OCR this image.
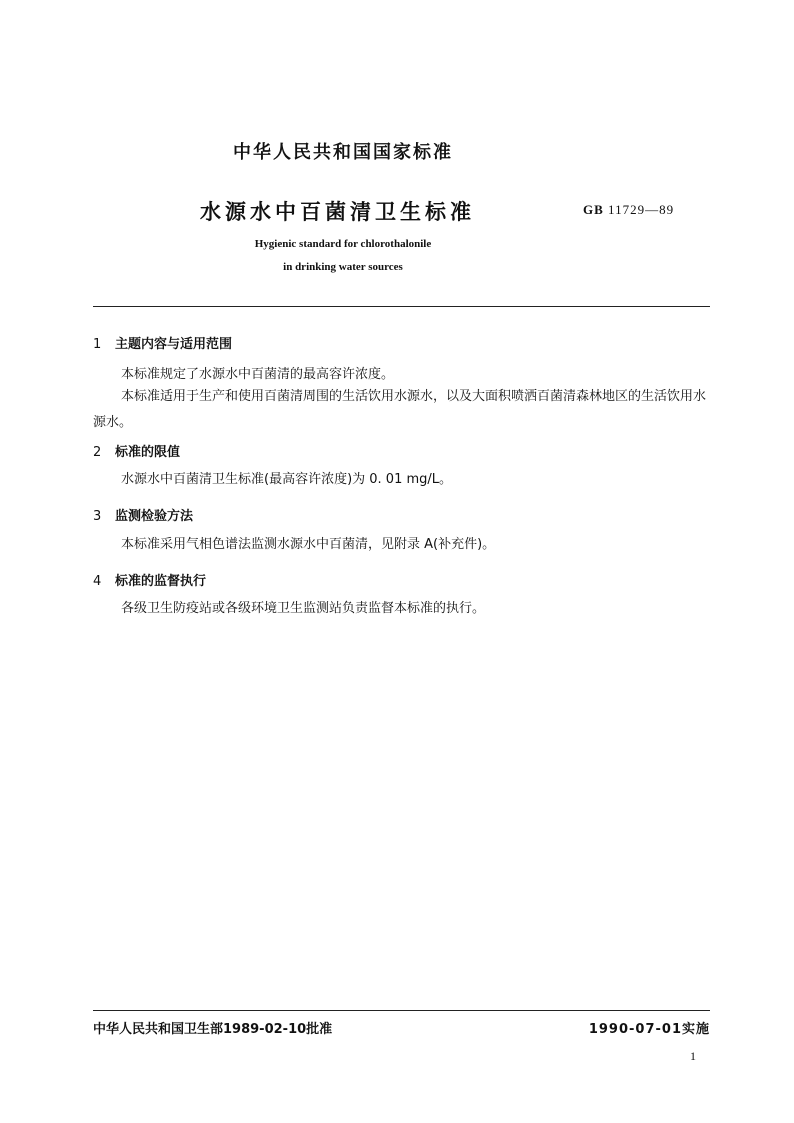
中华人民共和国国家标准
水源水中百菌清卫生标准	GB 11729—89
Hygienic standard for chlorothalonile
in drinking water sources
1 主题内容与适用范围
本标准规定了水源水中百菌清的最高容许浓度。
本标准适用于生产和使用百菌清周围的生活饮用水源水，以及大面积喷洒百菌清森林地区的生活饮用水源水。
2 标准的限值
水源水中百菌清卫生标准(最高容许浓度)为 0. 01 mg/L。
3 监测检验方法
本标准采用气相色谱法监测水源水中百菌清，见附录 A(补充件)。
4 标准的监督执行
各级卫生防疫站或各级环境卫生监测站负责监督本标准的执行。
中华人民共和国卫生部1989-02-10批准	1990-07-01实施
1
